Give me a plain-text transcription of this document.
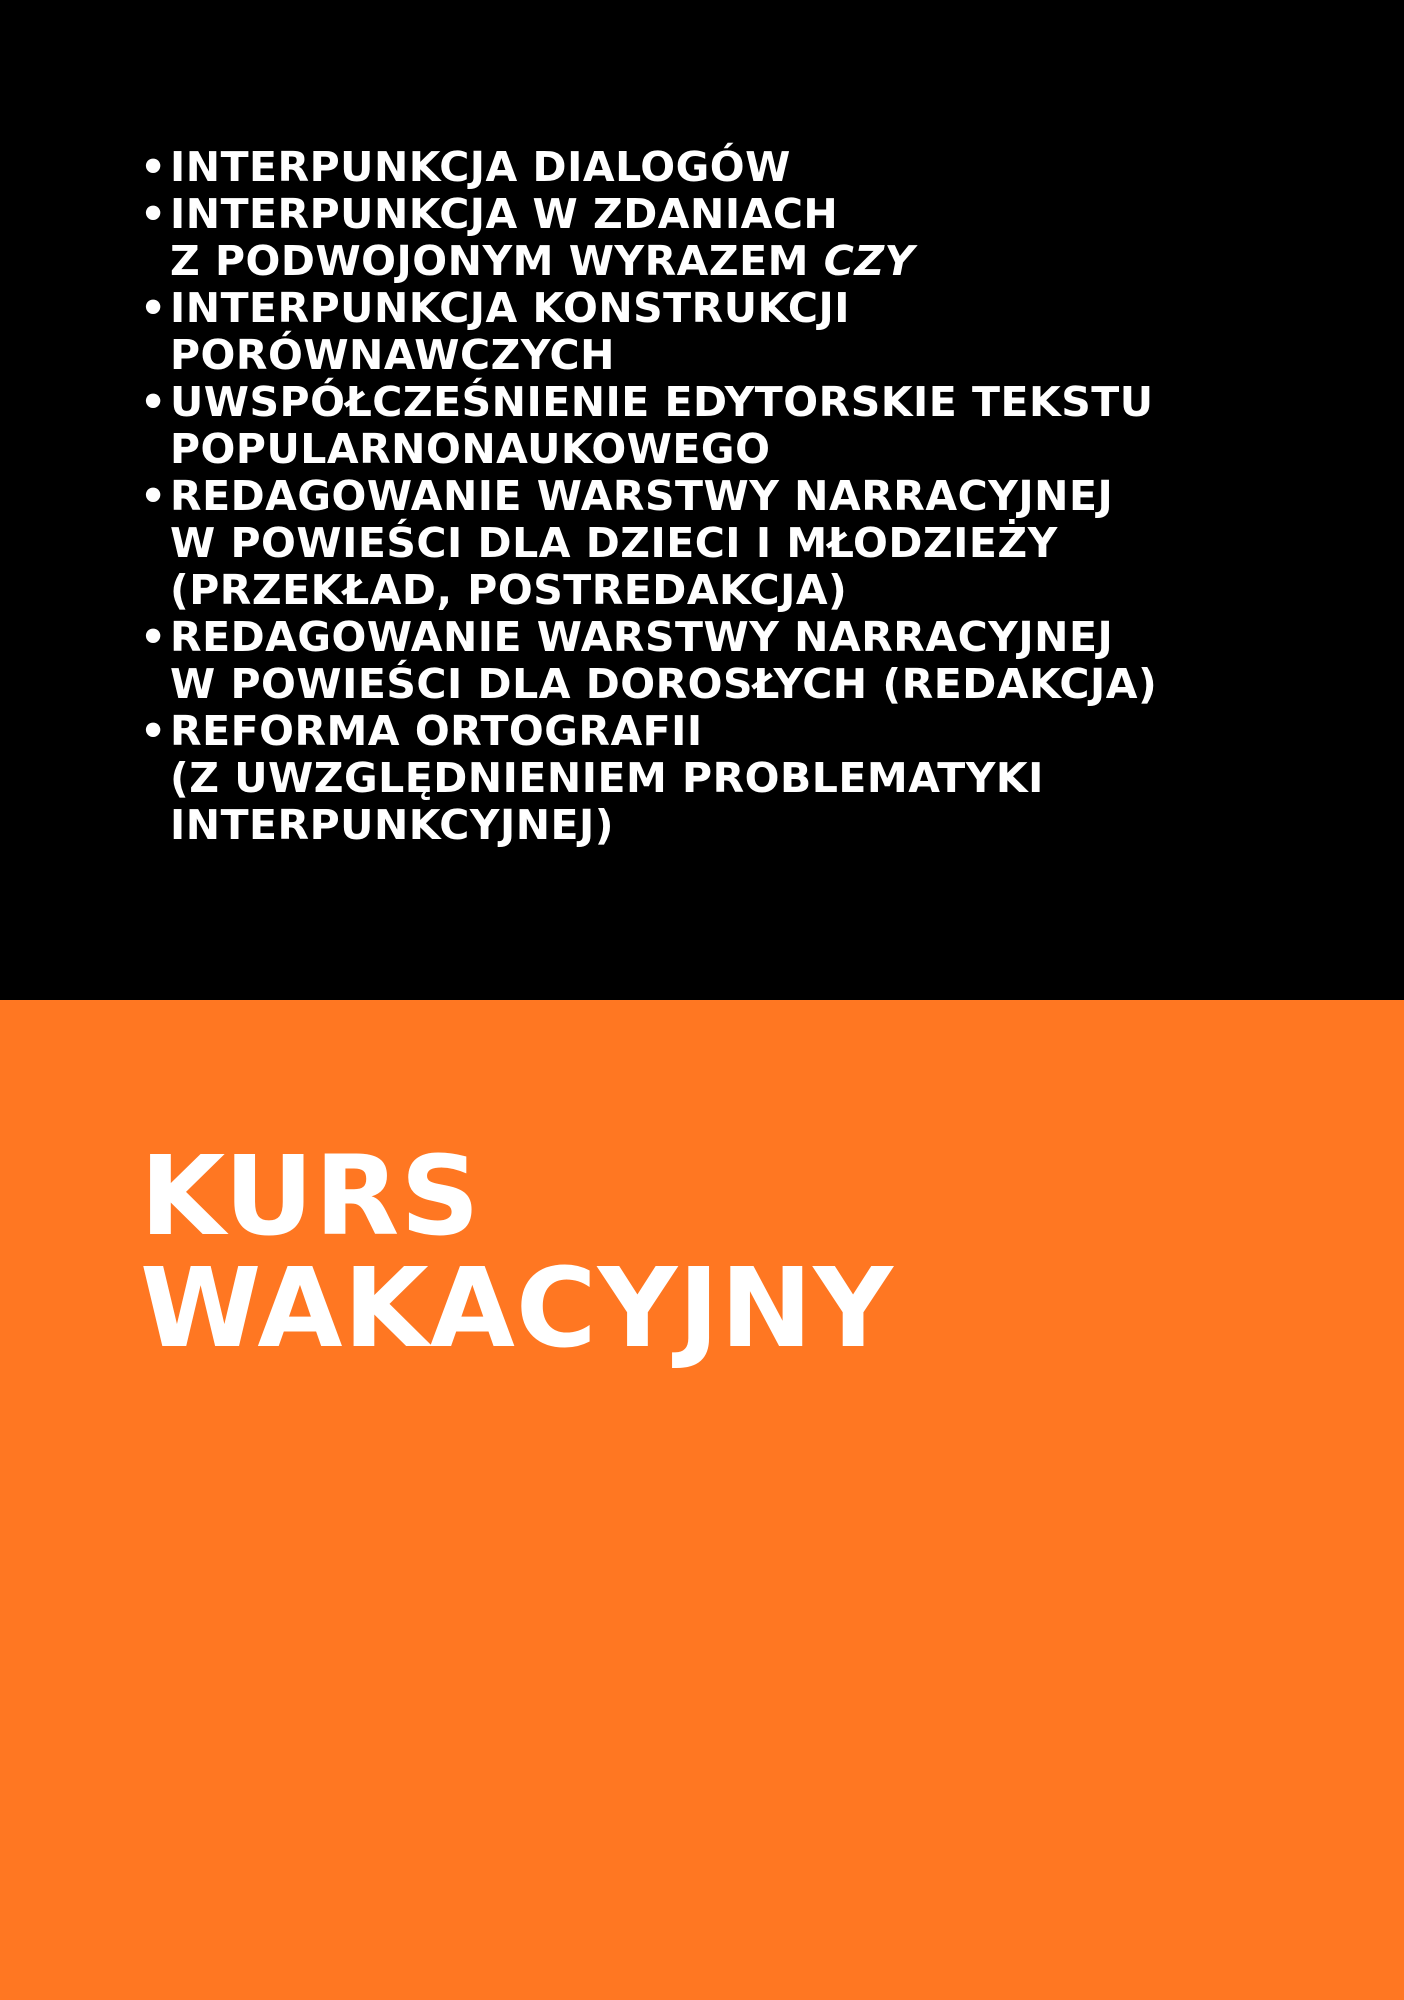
• INTERPUNKCJA DIALOGÓW
• INTERPUNKCJA W ZDANIACH
Z PODWOJONYM WYRAZEM CZY
• INTERPUNKCJA KONSTRUKCJI
PORÓWNAWCZYCH
• UWSPÓŁCZEŚNIENIE EDYTORSKIE TEKSTU
POPULARNONAUKOWEGO
• REDAGOWANIE WARSTWY NARRACYJNEJ
W POWIEŚCI DLA DZIECI I MŁODZIEŻY
(PRZEKŁAD, POSTREDAKCJA)
• REDAGOWANIE WARSTWY NARRACYJNEJ
W POWIEŚCI DLA DOROSŁYCH (REDAKCJA)
• REFORMA ORTOGRAFII
(Z UWZGLĘDNIENIEM PROBLEMATYKI
INTERPUNKCYJNEJ)
KURS
WAKACYJNY
